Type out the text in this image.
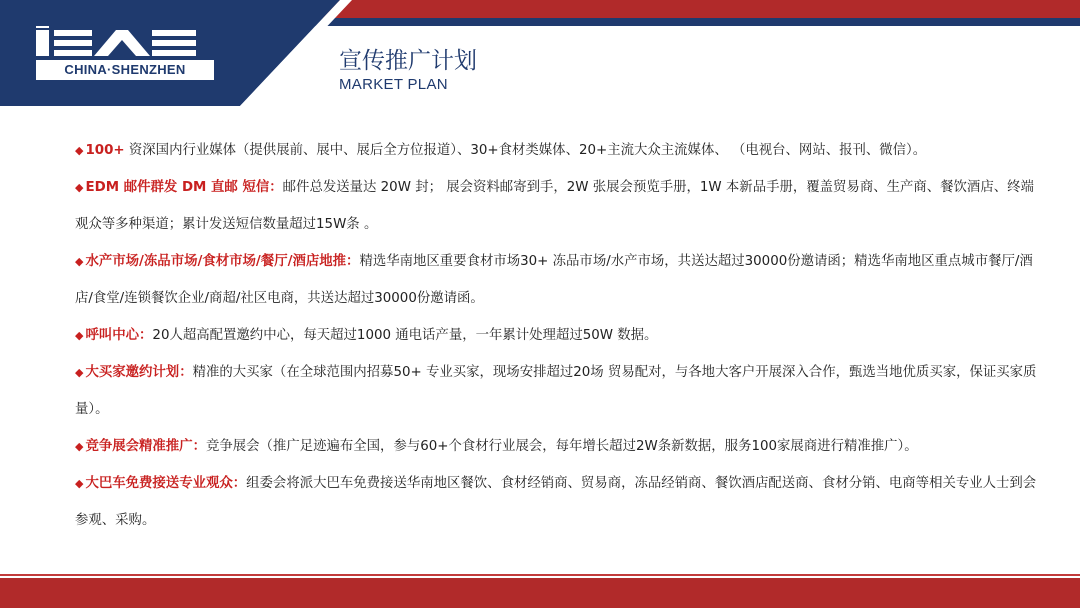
CHINA·SHENZHEN	宣传推广计划
MARKET PLAN

◆ 100+ 资深国内行业媒体（提供展前、展中、展后全方位报道）、30+食材类媒体、20+主流大众主流媒体、 （电视台、网站、报刊、微信）。

◆ EDM 邮件群发 DM 直邮 短信：邮件总发送量达 20W 封； 展会资料邮寄到手，2W 张展会预览手册，1W 本新品手册，覆盖贸易商、生产商、餐饮酒店、终端观众等多种渠道；累计发送短信数量超过15W条 。

◆ 水产市场/冻品市场/食材市场/餐厅/酒店地推：精选华南地区重要食材市场30+ 冻品市场/水产市场，共送达超过30000份邀请函；精选华南地区重点城市餐厅/酒店/食堂/连锁餐饮企业/商超/社区电商，共送达超过30000份邀请函。

◆ 呼叫中心：20人超高配置邀约中心，每天超过1000 通电话产量，一年累计处理超过50W 数据。

◆ 大买家邀约计划：精准的大买家（在全球范围内招募50+ 专业买家，现场安排超过20场 贸易配对，与各地大客户开展深入合作，甄选当地优质买家，保证买家质量）。

◆ 竞争展会精准推广：竞争展会（推广足迹遍布全国，参与60+个食材行业展会，每年增长超过2W条新数据，服务100家展商进行精准推广）。

◆ 大巴车免费接送专业观众：组委会将派大巴车免费接送华南地区餐饮、食材经销商、贸易商，冻品经销商、餐饮酒店配送商、食材分销、电商等相关专业人士到会参观、采购。
